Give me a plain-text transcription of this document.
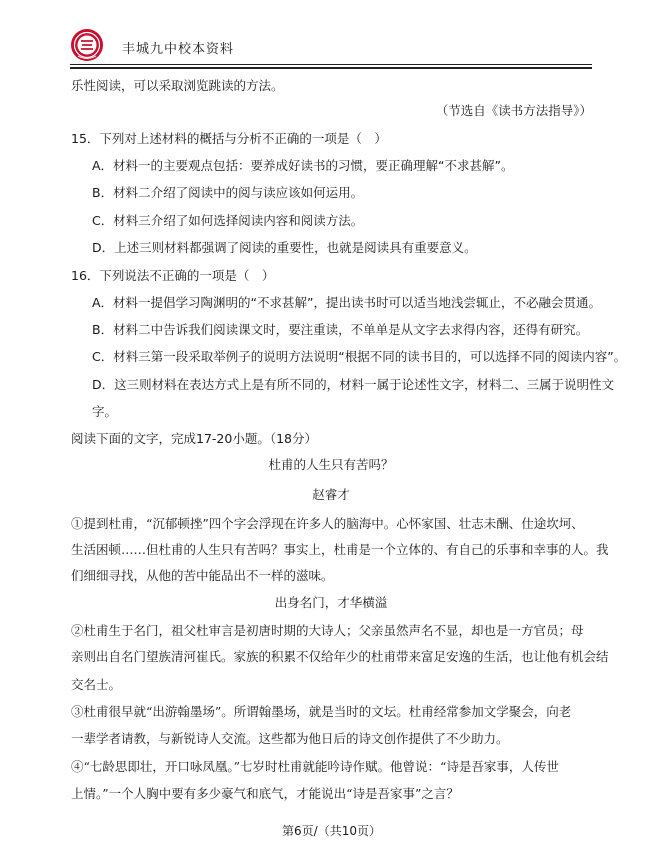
丰城九中校本资料
乐性阅读，可以采取浏览跳读的方法。
（节选自《读书方法指导》）
15．下列对上述材料的概括与分析不正确的一项是（　）
A．材料一的主要观点包括：要养成好读书的习惯，要正确理解“不求甚解”。
B．材料二介绍了阅读中的阅与读应该如何运用。
C．材料三介绍了如何选择阅读内容和阅读方法。
D．上述三则材料都强调了阅读的重要性，也就是阅读具有重要意义。
16．下列说法不正确的一项是（　）
A．材料一提倡学习陶渊明的“不求甚解”，提出读书时可以适当地浅尝辄止，不必融会贯通。
B．材料二中告诉我们阅读课文时，要注重读，不单单是从文字去求得内容，还得有研究。
C．材料三第一段采取举例子的说明方法说明“根据不同的读书目的，可以选择不同的阅读内容”。
D．这三则材料在表达方式上是有所不同的，材料一属于论述性文字，材料二、三属于说明性文
字。
阅读下面的文字，完成17-20小题。（18分）
杜甫的人生只有苦吗？
赵睿才
①提到杜甫，“沉郁顿挫”四个字会浮现在许多人的脑海中。心怀家国、壮志未酬、仕途坎坷、
生活困顿……但杜甫的人生只有苦吗？事实上，杜甫是一个立体的、有自己的乐事和幸事的人。我
们细细寻找，从他的苦中能品出不一样的滋味。
出身名门，才华横溢
②杜甫生于名门，祖父杜审言是初唐时期的大诗人；父亲虽然声名不显，却也是一方官员；母
亲则出自名门望族清河崔氏。家族的积累不仅给年少的杜甫带来富足安逸的生活，也让他有机会结
交名士。
③杜甫很早就“出游翰墨场”。所谓翰墨场，就是当时的文坛。杜甫经常参加文学聚会，向老
一辈学者请教，与新锐诗人交流。这些都为他日后的诗文创作提供了不少助力。
④“七龄思即壮，开口咏凤凰。”七岁时杜甫就能吟诗作赋。他曾说：“诗是吾家事，人传世
上情。”一个人胸中要有多少豪气和底气，才能说出“诗是吾家事”之言？
第6页/（共10页）
